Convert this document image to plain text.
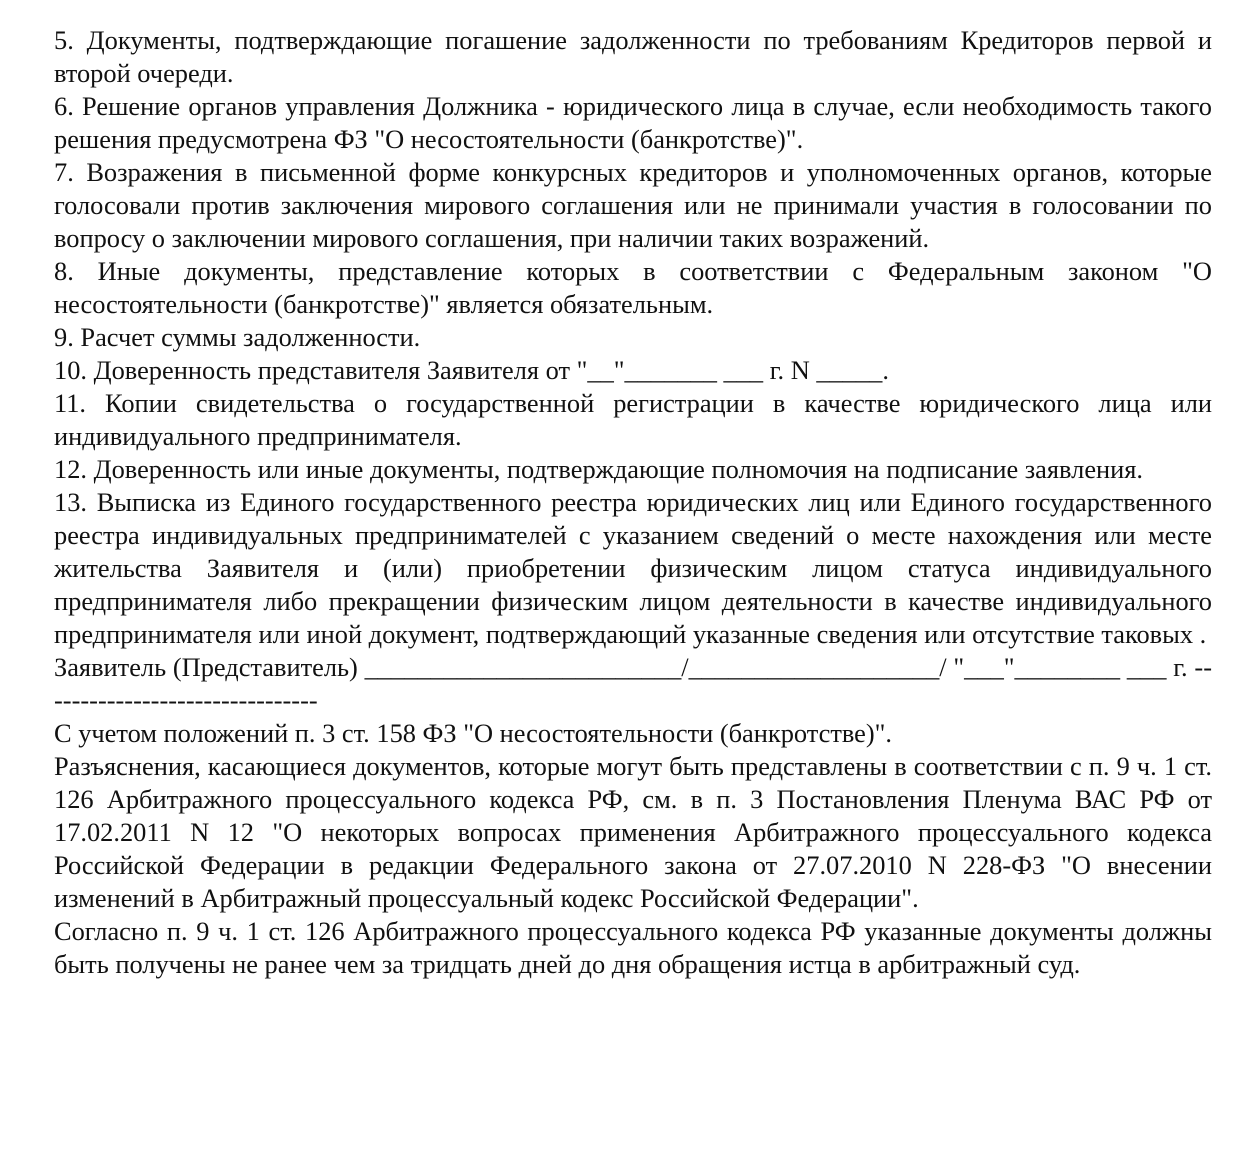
5. Документы, подтверждающие погашение задолженности по требованиям Кредиторов первой и второй очереди.

6. Решение органов управления Должника - юридического лица в случае, если необходимость такого решения предусмотрена ФЗ "О несостоятельности (банкротстве)".

7. Возражения в письменной форме конкурсных кредиторов и уполномоченных органов, которые голосовали против заключения мирового соглашения или не принимали участия в голосовании по вопросу о заключении мирового соглашения, при наличии таких возражений.

8. Иные документы, представление которых в соответствии с Федеральным законом "О несостоятельности (банкротстве)" является обязательным.

9. Расчет суммы задолженности.

10. Доверенность представителя Заявителя от "__"_______ ___ г. N _____.

11. Копии свидетельства о государственной регистрации в качестве юридического лица или индивидуального предпринимателя.

12. Доверенность или иные документы, подтверждающие полномочия на подписание заявления.

13. Выписка из Единого государственного реестра юридических лиц или Единого государственного реестра индивидуальных предпринимателей с указанием сведений о месте нахождения или месте жительства Заявителя и (или) приобретении физическим лицом статуса индивидуального предпринимателя либо прекращении физическим лицом деятельности в качестве индивидуального предпринимателя или иной документ, подтверждающий указанные сведения или отсутствие таковых .

Заявитель (Представитель) ________________________/___________________/ "___"________ ___ г. --------------------------------

С учетом положений п. 3 ст. 158 ФЗ "О несостоятельности (банкротстве)".

Разъяснения, касающиеся документов, которые могут быть представлены в соответствии с п. 9 ч. 1 ст. 126 Арбитражного процессуального кодекса РФ, см. в п. 3 Постановления Пленума ВАС РФ от 17.02.2011 N 12 "О некоторых вопросах применения Арбитражного процессуального кодекса Российской Федерации в редакции Федерального закона от 27.07.2010 N 228-ФЗ "О внесении изменений в Арбитражный процессуальный кодекс Российской Федерации".

Согласно п. 9 ч. 1 ст. 126 Арбитражного процессуального кодекса РФ указанные документы должны быть получены не ранее чем за тридцать дней до дня обращения истца в арбитражный суд.
